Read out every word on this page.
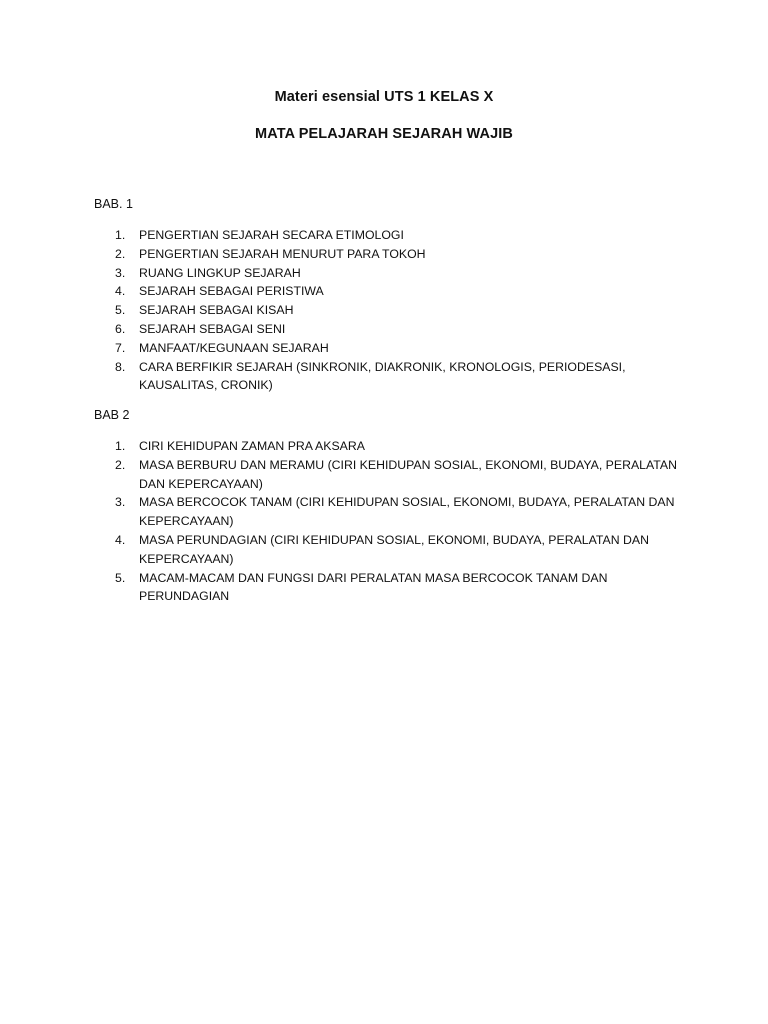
Materi esensial UTS 1 KELAS X
MATA PELAJARAH SEJARAH WAJIB
BAB. 1
1. PENGERTIAN SEJARAH SECARA ETIMOLOGI
2. PENGERTIAN SEJARAH MENURUT PARA TOKOH
3. RUANG LINGKUP SEJARAH
4. SEJARAH SEBAGAI PERISTIWA
5. SEJARAH SEBAGAI KISAH
6. SEJARAH SEBAGAI SENI
7. MANFAAT/KEGUNAAN SEJARAH
8. CARA BERFIKIR SEJARAH (SINKRONIK, DIAKRONIK, KRONOLOGIS, PERIODESASI, KAUSALITAS, CRONIK)
BAB 2
1. CIRI KEHIDUPAN ZAMAN PRA AKSARA
2. MASA BERBURU DAN MERAMU (CIRI KEHIDUPAN SOSIAL, EKONOMI, BUDAYA, PERALATAN DAN KEPERCAYAAN)
3. MASA BERCOCOK TANAM (CIRI KEHIDUPAN SOSIAL, EKONOMI, BUDAYA, PERALATAN DAN KEPERCAYAAN)
4. MASA PERUNDAGIAN (CIRI KEHIDUPAN SOSIAL, EKONOMI, BUDAYA, PERALATAN DAN KEPERCAYAAN)
5. MACAM-MACAM DAN FUNGSI DARI PERALATAN MASA BERCOCOK TANAM DAN PERUNDAGIAN
